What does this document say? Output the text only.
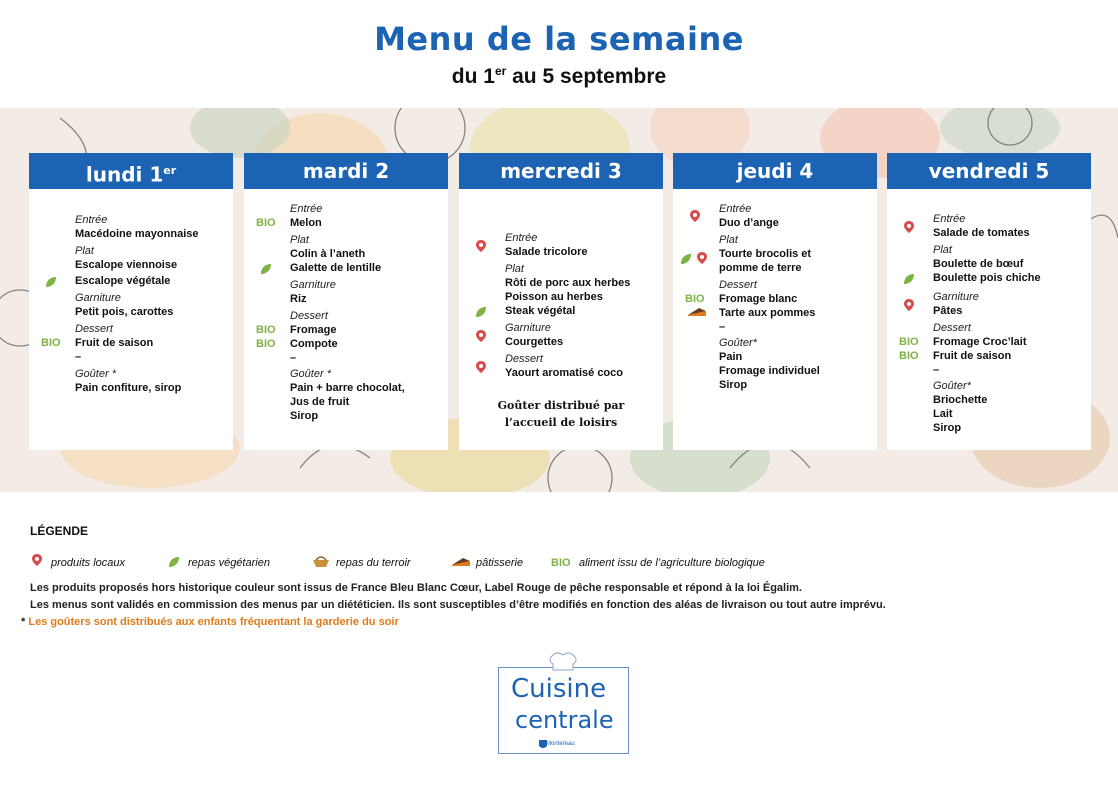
Menu de la semaine
du 1er au 5 septembre
lundi 1er
Entrée
Macédoine mayonnaise
Plat
Escalope viennoise
Escalope végétale
Garniture
Petit pois, carottes
Dessert
BIO Fruit de saison
–
Goûter *
Pain confiture, sirop
mardi 2
Entrée
BIO Melon
Plat
Colin à l’aneth
Galette de lentille
Garniture
Riz
Dessert
BIO Fromage
BIO Compote
–
Goûter *
Pain + barre chocolat,
Jus de fruit
Sirop
mercredi 3
Entrée
Salade tricolore
Plat
Rôti de porc aux herbes
Poisson au herbes
Steak végétal
Garniture
Courgettes
Dessert
Yaourt aromatisé coco
Goûter distribué par
l’accueil de loisirs
jeudi 4
Entrée
Duo d’ange
Plat
Tourte brocolis et
pomme de terre
Dessert
BIO Fromage blanc
Tarte aux pommes
–
Goûter*
Pain
Fromage individuel
Sirop
vendredi 5
Entrée
Salade de tomates
Plat
Boulette de bœuf
Boulette pois chiche
Garniture
Pâtes
Dessert
BIO Fromage Croc’lait
BIO Fruit de saison
–
Goûter*
Briochette
Lait
Sirop
LÉGENDE
produits locaux	repas végétarien	repas du terroir	pâtisserie	BIO aliment issu de l’agriculture biologique
Les produits proposés hors historique couleur sont issus de France Bleu Blanc Cœur, Label Rouge de pêche responsable et répond à la loi Égalim.
Les menus sont validés en commission des menus par un diététicien. Ils sont susceptibles d’être modifiés en fonction des aléas de livraison ou tout autre imprévu.
* Les goûters sont distribués aux enfants fréquentant la garderie du soir
Cuisine
centrale
Montereau
